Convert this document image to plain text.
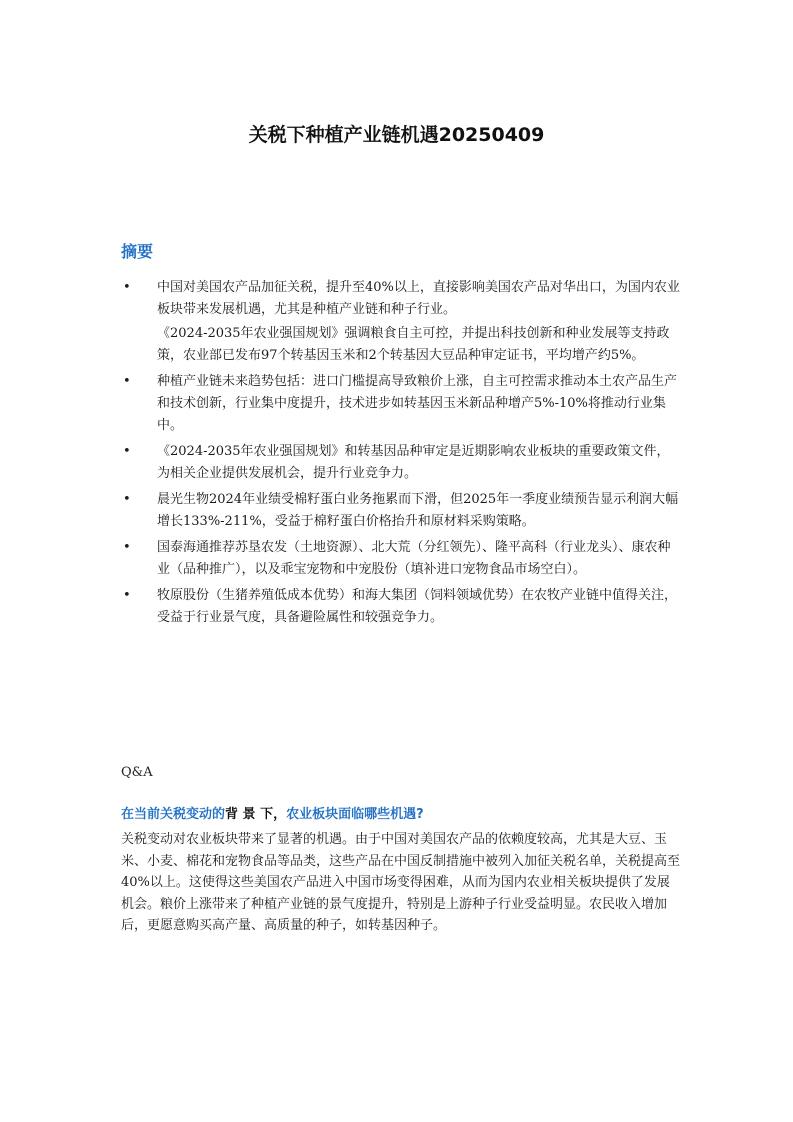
关税下种植产业链机遇20250409
摘要
•	中国对美国农产品加征关税，提升至40%以上，直接影响美国农产品对华出口，为国内农业板块带来发展机遇，尤其是种植产业链和种子行业。
《2024-2035年农业强国规划》强调粮食自主可控，并提出科技创新和种业发展等支持政策，农业部已发布97个转基因玉米和2个转基因大豆品种审定证书，平均增产约5%。
•	种植产业链未来趋势包括：进口门槛提高导致粮价上涨，自主可控需求推动本土农产品生产和技术创新，行业集中度提升，技术进步如转基因玉米新品种增产5%-10%将推动行业集中。
•	《2024-2035年农业强国规划》和转基因品种审定是近期影响农业板块的重要政策文件，为相关企业提供发展机会，提升行业竞争力。
•	晨光生物2024年业绩受棉籽蛋白业务拖累而下滑，但2025年一季度业绩预告显示利润大幅增长133%-211%，受益于棉籽蛋白价格抬升和原材料采购策略。
•	国泰海通推荐苏垦农发（土地资源）、北大荒（分红领先）、隆平高科（行业龙头）、康农种业（品种推广），以及乖宝宠物和中宠股份（填补进口宠物食品市场空白）。
•	牧原股份（生猪养殖低成本优势）和海大集团（饲料领域优势）在农牧产业链中值得关注，受益于行业景气度，具备避险属性和较强竞争力。
Q&A
在当前关税变动的背 景 下，农业板块面临哪些机遇?

关税变动对农业板块带来了显著的机遇。由于中国对美国农产品的依赖度较高，尤其是大豆、玉米、小麦、棉花和宠物食品等品类，这些产品在中国反制措施中被列入加征关税名单，关税提高至40%以上。这使得这些美国农产品进入中国市场变得困难，从而为国内农业相关板块提供了发展机会。粮价上涨带来了种植产业链的景气度提升，特别是上游种子行业受益明显。农民收入增加后，更愿意购买高产量、高质量的种子，如转基因种子。
